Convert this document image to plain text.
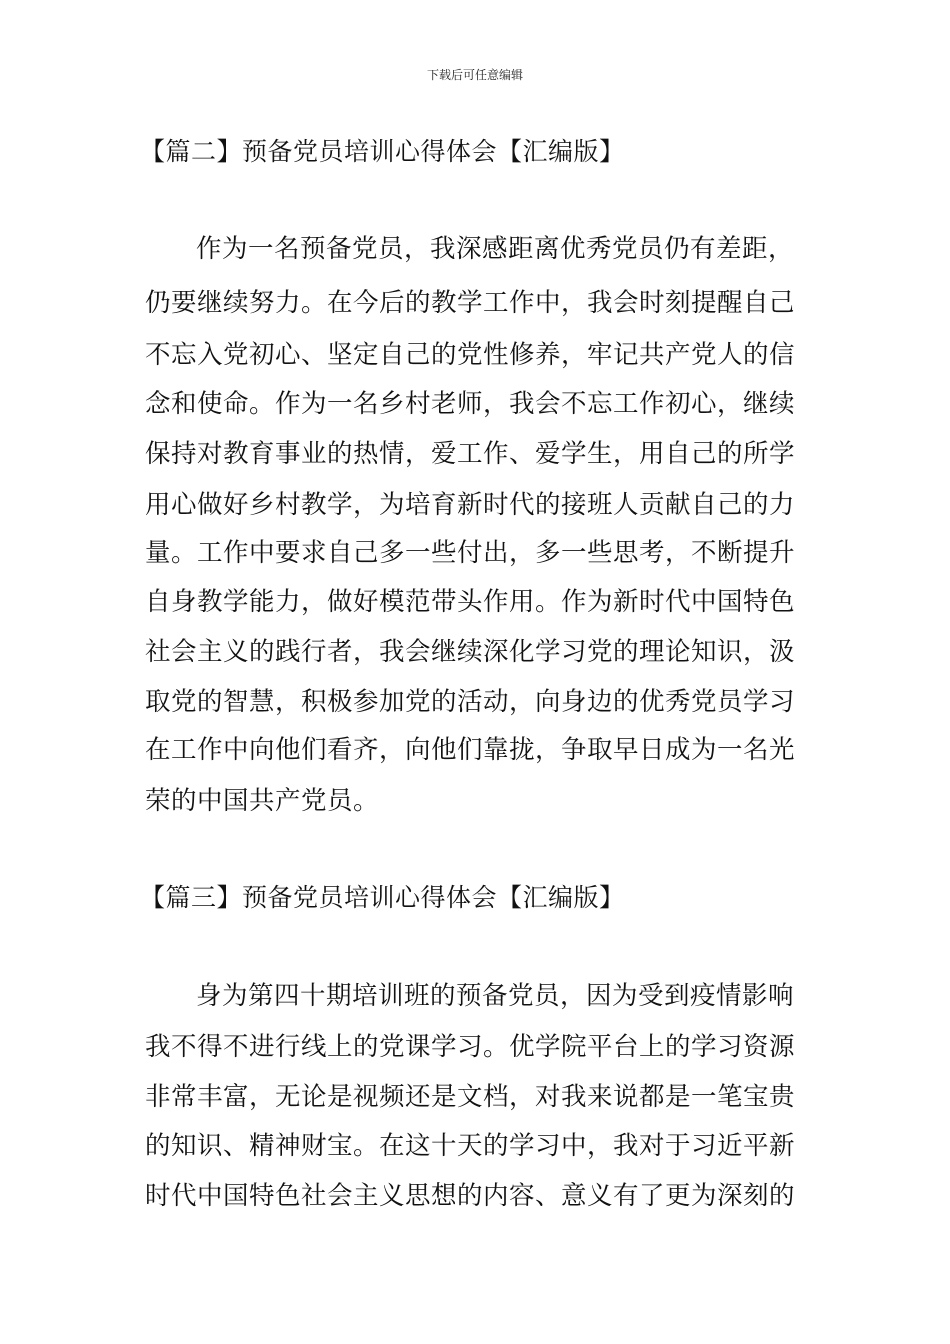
下载后可任意编辑
【篇二】预备党员培训心得体会【汇编版】
作为一名预备党员，我深感距离优秀党员仍有差距，
仍要继续努力。在今后的教学工作中，我会时刻提醒自己
不忘入党初心、坚定自己的党性修养，牢记共产党人的信
念和使命。作为一名乡村老师，我会不忘工作初心，继续
保持对教育事业的热情，爱工作、爱学生，用自己的所学
用心做好乡村教学，为培育新时代的接班人贡献自己的力
量。工作中要求自己多一些付出，多一些思考，不断提升
自身教学能力，做好模范带头作用。作为新时代中国特色
社会主义的践行者，我会继续深化学习党的理论知识，汲
取党的智慧，积极参加党的活动，向身边的优秀党员学习
在工作中向他们看齐，向他们靠拢，争取早日成为一名光
荣的中国共产党员。
【篇三】预备党员培训心得体会【汇编版】
身为第四十期培训班的预备党员，因为受到疫情影响
我不得不进行线上的党课学习。优学院平台上的学习资源
非常丰富，无论是视频还是文档，对我来说都是一笔宝贵
的知识、精神财宝。在这十天的学习中，我对于习近平新
时代中国特色社会主义思想的内容、意义有了更为深刻的
